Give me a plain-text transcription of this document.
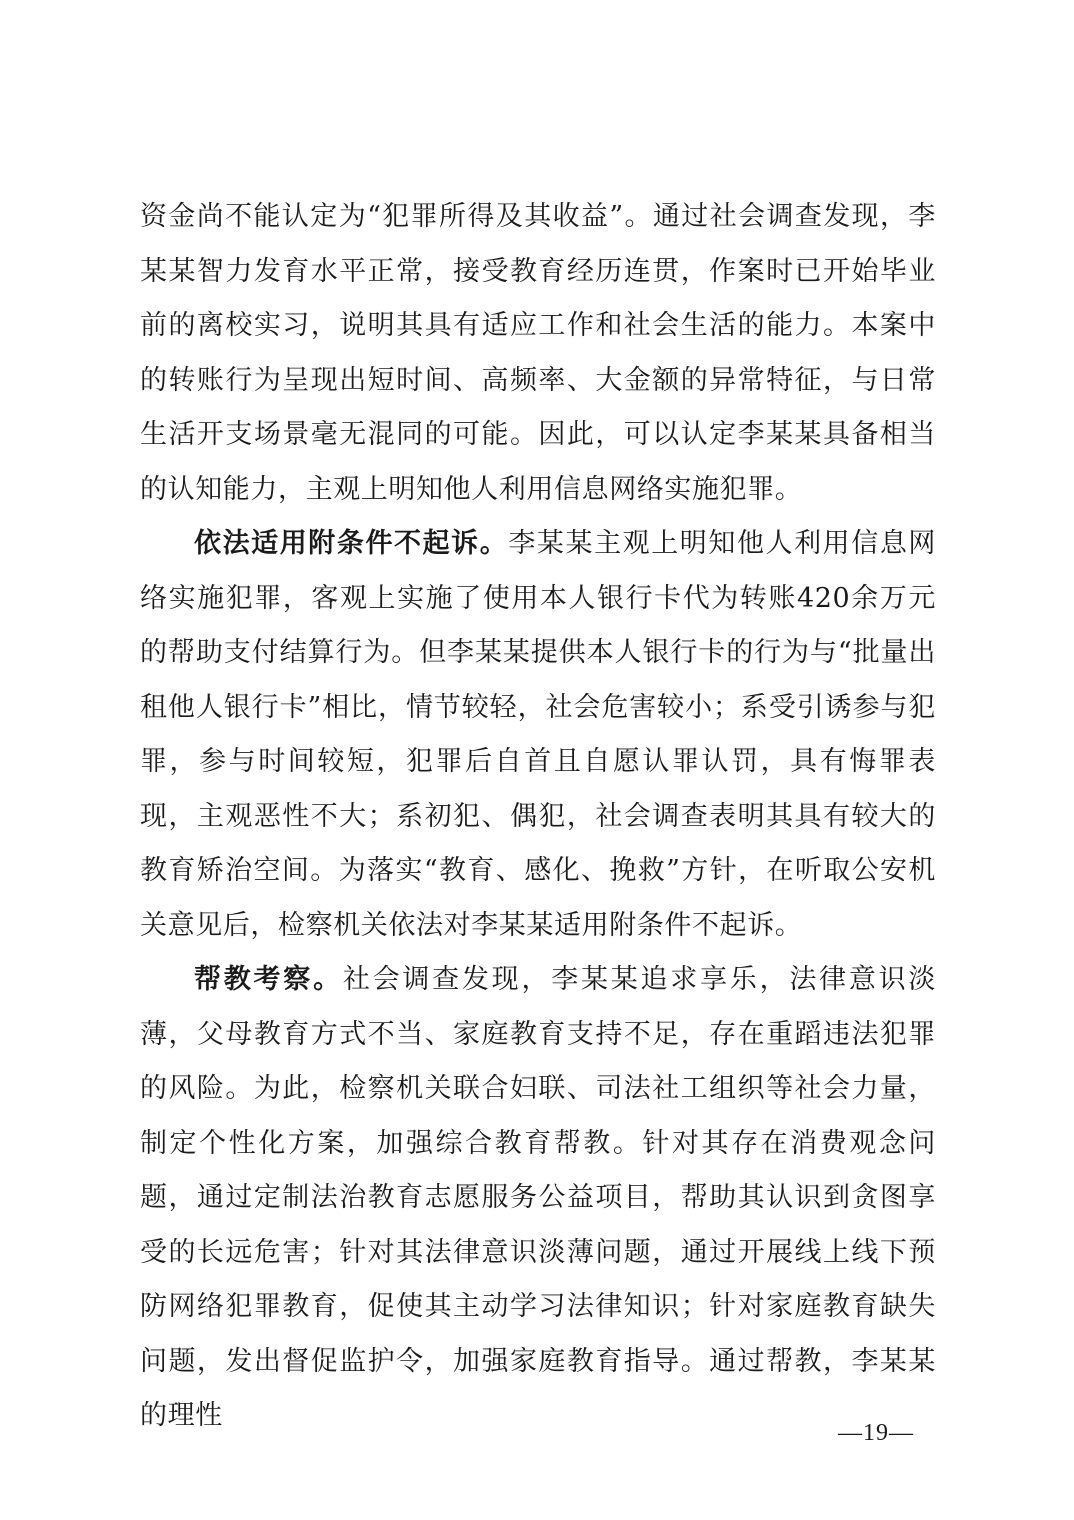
资金尚不能认定为“犯罪所得及其收益”。通过社会调查发现，李某某智力发育水平正常，接受教育经历连贯，作案时已开始毕业前的离校实习，说明其具有适应工作和社会生活的能力。本案中的转账行为呈现出短时间、高频率、大金额的异常特征，与日常生活开支场景毫无混同的可能。因此，可以认定李某某具备相当的认知能力，主观上明知他人利用信息网络实施犯罪。

依法适用附条件不起诉。李某某主观上明知他人利用信息网络实施犯罪，客观上实施了使用本人银行卡代为转账420余万元的帮助支付结算行为。但李某某提供本人银行卡的行为与“批量出租他人银行卡”相比，情节较轻，社会危害较小；系受引诱参与犯罪，参与时间较短，犯罪后自首且自愿认罪认罚，具有悔罪表现，主观恶性不大；系初犯、偶犯，社会调查表明其具有较大的教育矫治空间。为落实“教育、感化、挽救”方针，在听取公安机关意见后，检察机关依法对李某某适用附条件不起诉。

帮教考察。社会调查发现，李某某追求享乐，法律意识淡薄，父母教育方式不当、家庭教育支持不足，存在重蹈违法犯罪的风险。为此，检察机关联合妇联、司法社工组织等社会力量，制定个性化方案，加强综合教育帮教。针对其存在消费观念问题，通过定制法治教育志愿服务公益项目，帮助其认识到贪图享受的长远危害；针对其法律意识淡薄问题，通过开展线上线下预防网络犯罪教育，促使其主动学习法律知识；针对家庭教育缺失问题，发出督促监护令，加强家庭教育指导。通过帮教，李某某的理性

—19—
